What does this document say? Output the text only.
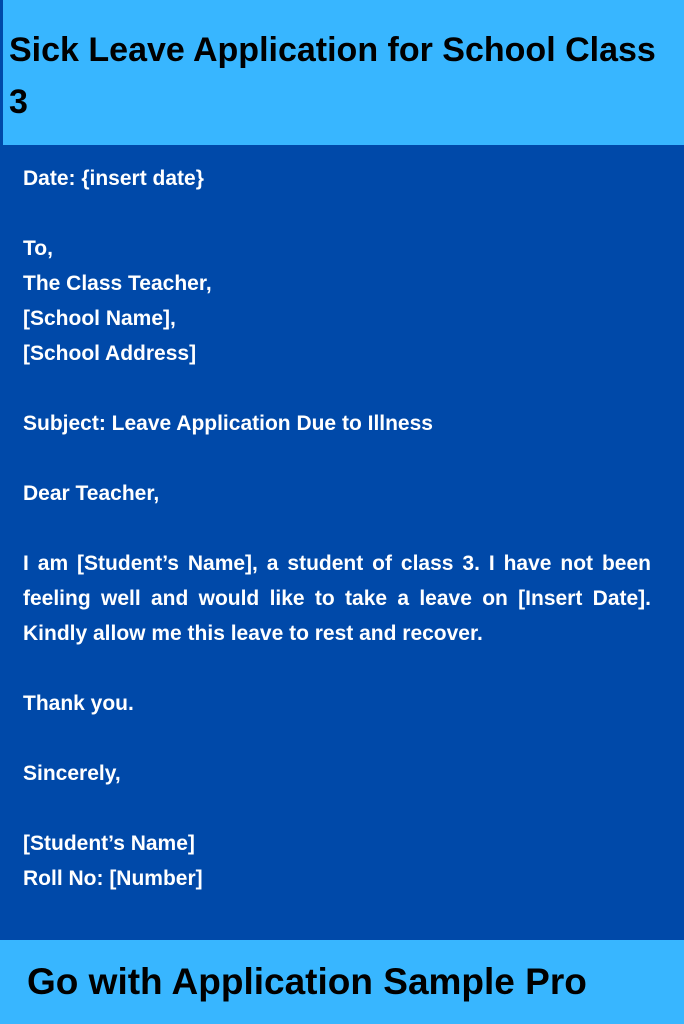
Sick Leave Application for School Class 3
Date: {insert date}
To,
The Class Teacher,
[School Name],
[School Address]
Subject: Leave Application Due to Illness
Dear Teacher,
I am [Student’s Name], a student of class 3. I have not been feeling well and would like to take a leave on [Insert Date]. Kindly allow me this leave to rest and recover.
Thank you.
Sincerely,
[Student’s Name]
Roll No: [Number]

Go with Application Sample Pro
